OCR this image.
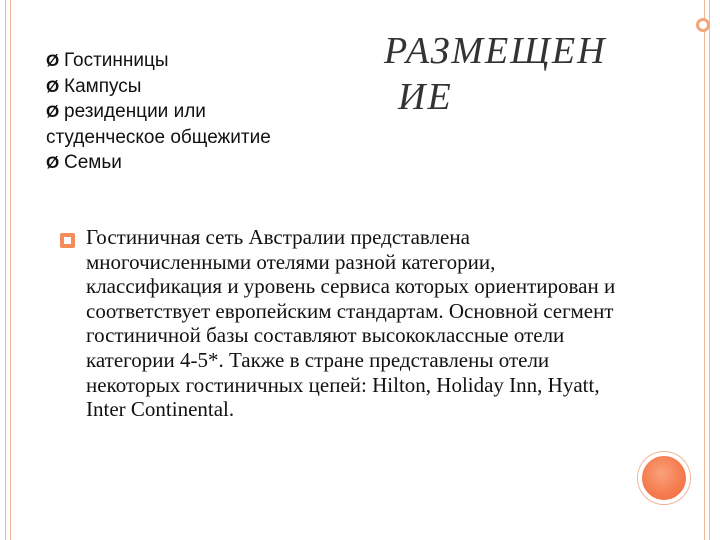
Ø Гостинницы
Ø Кампусы
Ø резиденции или
студенческое общежитие
Ø Семьи
РАЗМЕЩЕН
ИЕ

Гостиничная сеть Австралии представлена многочисленными отелями разной категории, классификация и уровень сервиса которых ориентирован и соответствует европейским стандартам. Основной сегмент гостиничной базы составляют высококлассные отели категории 4-5*. Также в стране представлены отели некоторых гостиничных цепей: Hilton, Holiday Inn, Hyatt, Inter Continental.
